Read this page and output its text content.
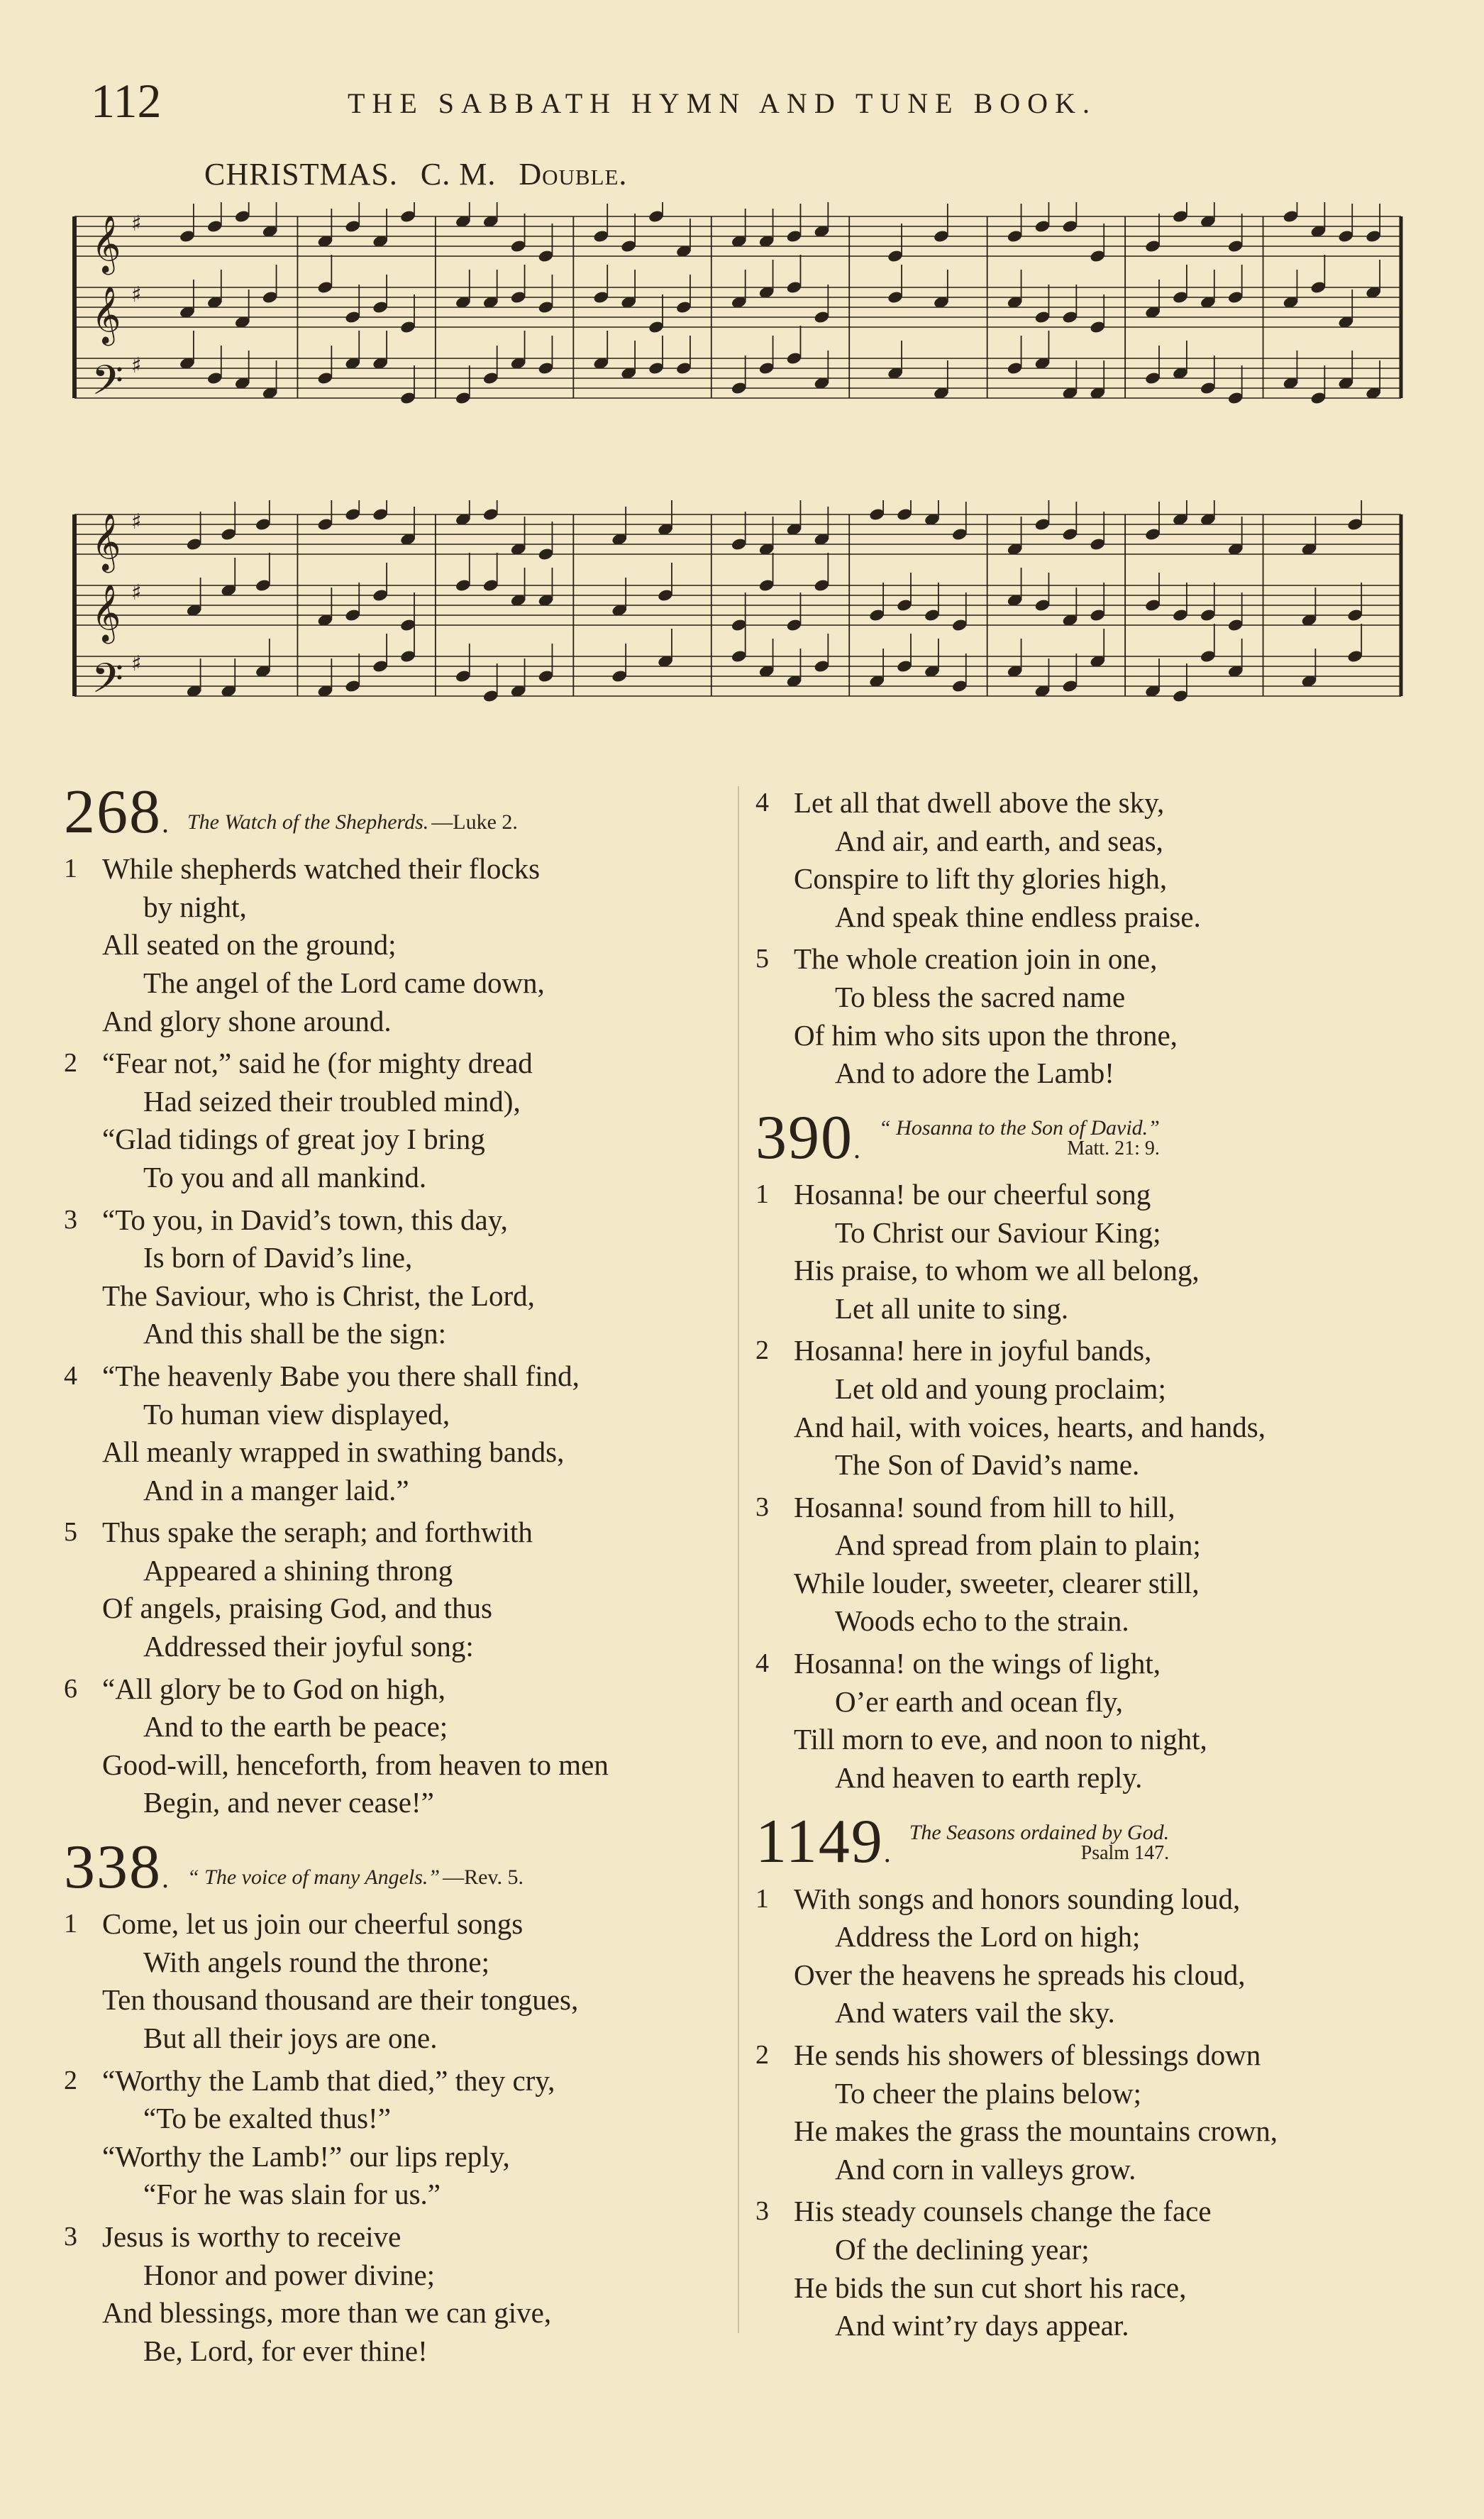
112	THE SABBATH HYMN AND TUNE BOOK.
CHRISTMAS. C. M. Double.
𝄞 ♯
𝄞 ♯
𝄢 ♯
𝄞 ♯
𝄞 ♯
𝄢 ♯
268 .	The Watch of the Shepherds. —Luke 2.
1 While shepherds watched their flocks
by night,
All seated on the ground;
The angel of the Lord came down,
And glory shone around.
2 “Fear not,” said he (for mighty dread
Had seized their troubled mind),
“Glad tidings of great joy I bring
To you and all mankind.
3 “To you, in David’s town, this day,
Is born of David’s line,
The Saviour, who is Christ, the Lord,
And this shall be the sign:
4 “The heavenly Babe you there shall find,
To human view displayed,
All meanly wrapped in swathing bands,
And in a manger laid.”
5 Thus spake the seraph; and forthwith
Appeared a shining throng
Of angels, praising God, and thus
Addressed their joyful song:
6 “All glory be to God on high,
And to the earth be peace;
Good-will, henceforth, from heaven to men
Begin, and never cease!”
338 .	“ The voice of many Angels.” —Rev. 5.
1 Come, let us join our cheerful songs
With angels round the throne;
Ten thousand thousand are their tongues,
But all their joys are one.
2 “Worthy the Lamb that died,” they cry,
“To be exalted thus!”
“Worthy the Lamb!” our lips reply,
“For he was slain for us.”
3 Jesus is worthy to receive
Honor and power divine;
And blessings, more than we can give,
Be, Lord, for ever thine!
4 Let all that dwell above the sky,
And air, and earth, and seas,
Conspire to lift thy glories high,
And speak thine endless praise.
5 The whole creation join in one,
To bless the sacred name
Of him who sits upon the throne,
And to adore the Lamb!
390 .	“ Hosanna to the Son of David.”
Matt. 21: 9.
1 Hosanna! be our cheerful song
To Christ our Saviour King;
His praise, to whom we all belong,
Let all unite to sing.
2 Hosanna! here in joyful bands,
Let old and young proclaim;
And hail, with voices, hearts, and hands,
The Son of David’s name.
3 Hosanna! sound from hill to hill,
And spread from plain to plain;
While louder, sweeter, clearer still,
Woods echo to the strain.
4 Hosanna! on the wings of light,
O’er earth and ocean fly,
Till morn to eve, and noon to night,
And heaven to earth reply.
1149 .	The Seasons ordained by God.
Psalm 147.
1 With songs and honors sounding loud,
Address the Lord on high;
Over the heavens he spreads his cloud,
And waters vail the sky.
2 He sends his showers of blessings down
To cheer the plains below;
He makes the grass the mountains crown,
And corn in valleys grow.
3 His steady counsels change the face
Of the declining year;
He bids the sun cut short his race,
And wint’ry days appear.
